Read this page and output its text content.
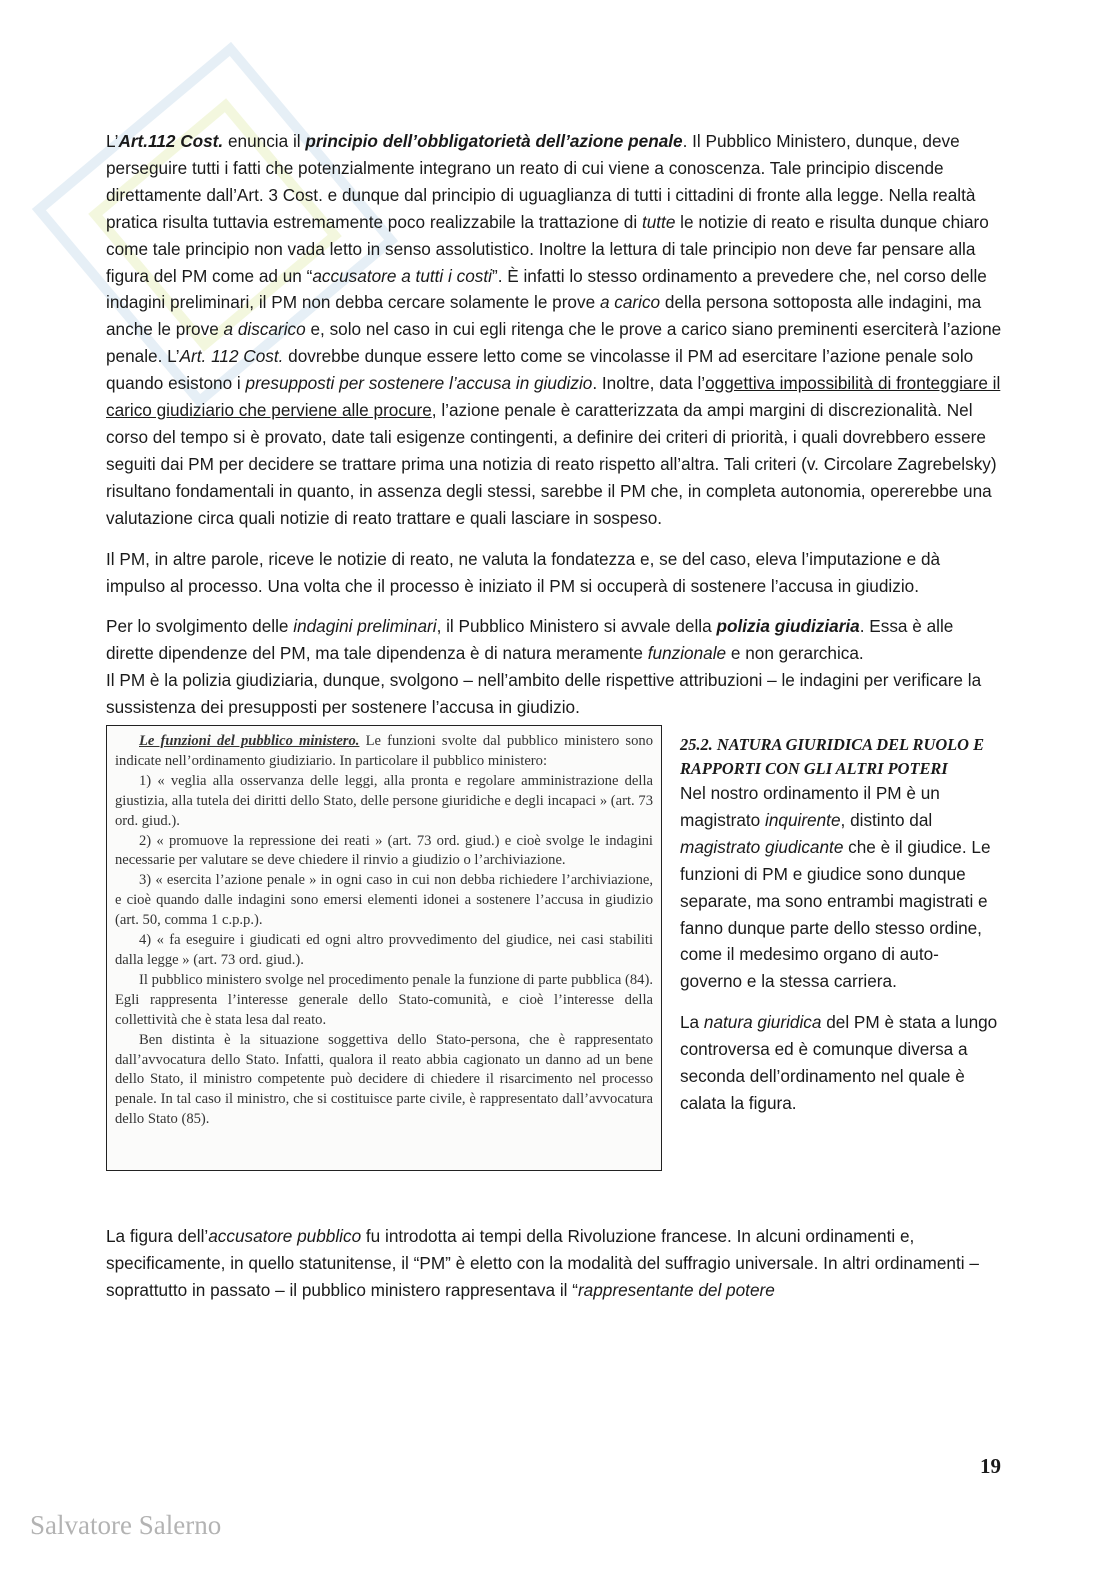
L’Art.112 Cost. enuncia il principio dell’obbligatorietà dell’azione penale. Il Pubblico Ministero, dunque, deve perseguire tutti i fatti che potenzialmente integrano un reato di cui viene a conoscenza. Tale principio discende direttamente dall’Art. 3 Cost. e dunque dal principio di uguaglianza di tutti i cittadini di fronte alla legge. Nella realtà pratica risulta tuttavia estremamente poco realizzabile la trattazione di tutte le notizie di reato e risulta dunque chiaro come tale principio non vada letto in senso assolutistico. Inoltre la lettura di tale principio non deve far pensare alla figura del PM come ad un “accusatore a tutti i costi”. È infatti lo stesso ordinamento a prevedere che, nel corso delle indagini preliminari, il PM non debba cercare solamente le prove a carico della persona sottoposta alle indagini, ma anche le prove a discarico e, solo nel caso in cui egli ritenga che le prove a carico siano preminenti eserciterà l’azione penale. L’Art. 112 Cost. dovrebbe dunque essere letto come se vincolasse il PM ad esercitare l’azione penale solo quando esistono i presupposti per sostenere l’accusa in giudizio. Inoltre, data l’oggettiva impossibilità di fronteggiare il carico giudiziario che perviene alle procure, l’azione penale è caratterizzata da ampi margini di discrezionalità. Nel corso del tempo si è provato, date tali esigenze contingenti, a definire dei criteri di priorità, i quali dovrebbero essere seguiti dai PM per decidere se trattare prima una notizia di reato rispetto all’altra. Tali criteri (v. Circolare Zagrebelsky) risultano fondamentali in quanto, in assenza degli stessi, sarebbe il PM che, in completa autonomia, opererebbe una valutazione circa quali notizie di reato trattare e quali lasciare in sospeso.

Il PM, in altre parole, riceve le notizie di reato, ne valuta la fondatezza e, se del caso, eleva l’imputazione e dà impulso al processo. Una volta che il processo è iniziato il PM si occuperà di sostenere l’accusa in giudizio.

Per lo svolgimento delle indagini preliminari, il Pubblico Ministero si avvale della polizia giudiziaria. Essa è alle dirette dipendenze del PM, ma tale dipendenza è di natura meramente funzionale e non gerarchica.
Il PM è la polizia giudiziaria, dunque, svolgono – nell’ambito delle rispettive attribuzioni – le indagini per verificare la sussistenza dei presupposti per sostenere l’accusa in giudizio.

Le funzioni del pubblico ministero. Le funzioni svolte dal pubblico ministero sono indicate nell’ordinamento giudiziario. In particolare il pubblico ministero:

1) « veglia alla osservanza delle leggi, alla pronta e regolare amministrazione della giustizia, alla tutela dei diritti dello Stato, delle persone giuridiche e degli incapaci » (art. 73 ord. giud.).

2) « promuove la repressione dei reati » (art. 73 ord. giud.) e cioè svolge le indagini necessarie per valutare se deve chiedere il rinvio a giudizio o l’archiviazione.

3) « esercita l’azione penale » in ogni caso in cui non debba richiedere l’archiviazione, e cioè quando dalle indagini sono emersi elementi idonei a sostenere l’accusa in giudizio (art. 50, comma 1 c.p.p.).

4) « fa eseguire i giudicati ed ogni altro provvedimento del giudice, nei casi stabiliti dalla legge » (art. 73 ord. giud.).

Il pubblico ministero svolge nel procedimento penale la funzione di parte pubblica (84). Egli rappresenta l’interesse generale dello Stato-comunità, e cioè l’interesse della collettività che è stata lesa dal reato.

Ben distinta è la situazione soggettiva dello Stato-persona, che è rappresentato dall’avvocatura dello Stato. Infatti, qualora il reato abbia cagionato un danno ad un bene dello Stato, il ministro competente può decidere di chiedere il risarcimento nel processo penale. In tal caso il ministro, che si costituisce parte civile, è rappresentato dall’avvocatura dello Stato (85).

25.2. NATURA GIURIDICA DEL RUOLO E RAPPORTI CON GLI ALTRI POTERI

Nel nostro ordinamento il PM è un magistrato inquirente, distinto dal magistrato giudicante che è il giudice. Le funzioni di PM e giudice sono dunque separate, ma sono entrambi magistrati e fanno dunque parte dello stesso ordine, come il medesimo organo di auto-governo e la stessa carriera.

La natura giuridica del PM è stata a lungo controversa ed è comunque diversa a seconda dell’ordinamento nel quale è calata la figura.

La figura dell’accusatore pubblico fu introdotta ai tempi della Rivoluzione francese. In alcuni ordinamenti e, specificamente, in quello statunitense, il “PM” è eletto con la modalità del suffragio universale. In altri ordinamenti – soprattutto in passato – il pubblico ministero rappresentava il “rappresentante del potere

19
Salvatore Salerno
